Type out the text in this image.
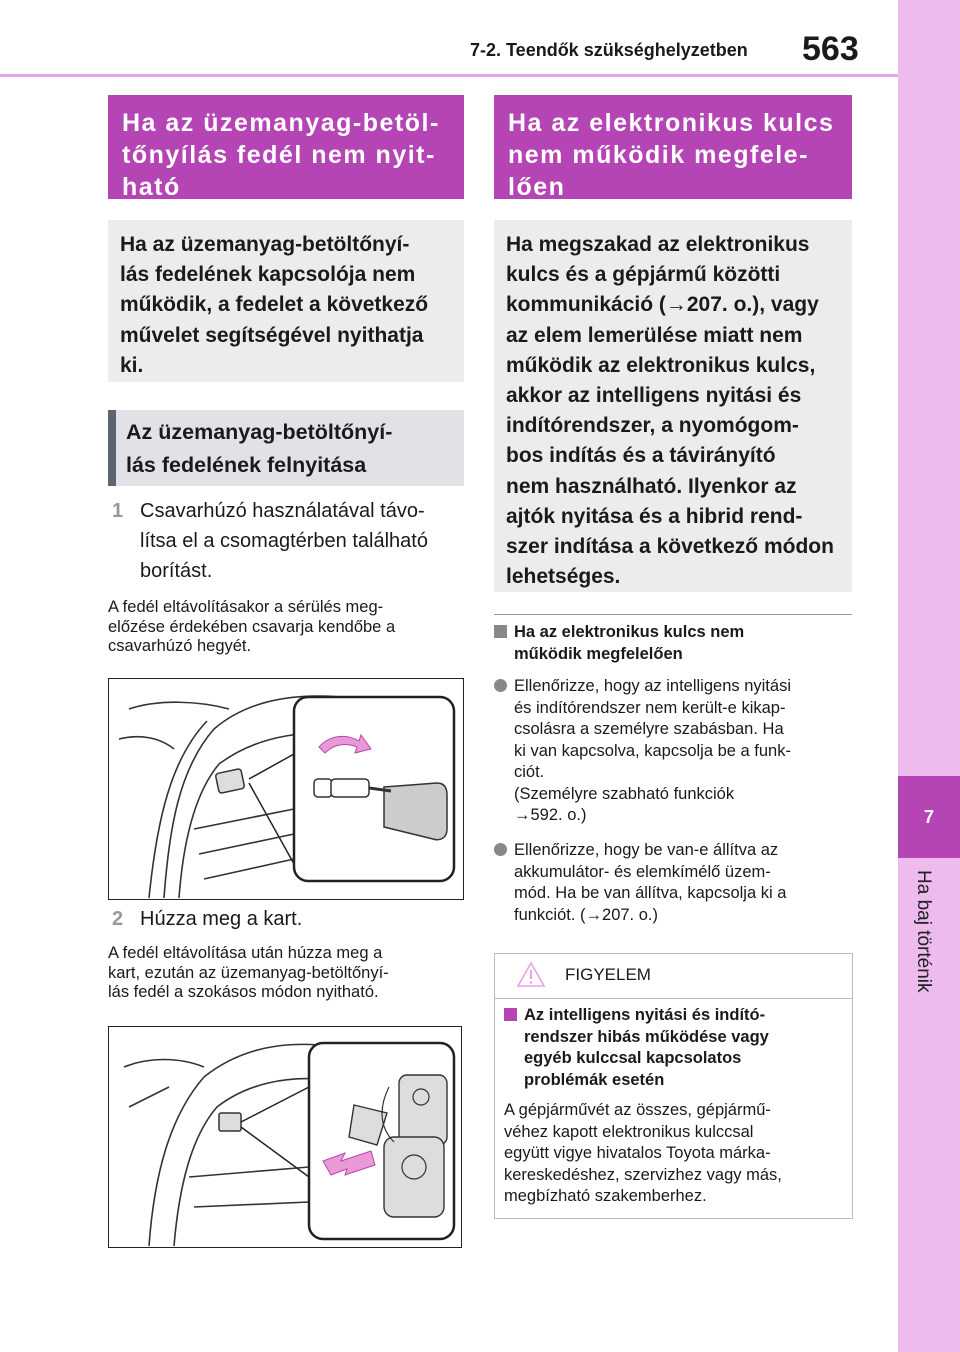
7-2. Teendők szükséghelyzetben 563
7
Ha baj történik
Ha az üzemanyag-betöl-
tőnyílás fedél nem nyit-
ható
Ha az üzemanyag-betöltőnyí-
lás fedelének kapcsolója nem
működik, a fedelet a következő
művelet segítségével nyithatja
ki.
Az üzemanyag-betöltőnyí-
lás fedelének felnyitása
1 Csavarhúzó használatával távo-
lítsa el a csomagtérben található
borítást.
A fedél eltávolításakor a sérülés meg-
előzése érdekében csavarja kendőbe a
csavarhúzó hegyét.
2 Húzza meg a kart.
A fedél eltávolítása után húzza meg a
kart, ezután az üzemanyag-betöltőnyí-
lás fedél a szokásos módon nyitható.
Ha az elektronikus kulcs
nem működik megfele-
lően
Ha megszakad az elektronikus
kulcs és a gépjármű közötti
kommunikáció (→207. o.), vagy
az elem lemerülése miatt nem
működik az elektronikus kulcs,
akkor az intelligens nyitási és
indítórendszer, a nyomógom-
bos indítás és a távirányító
nem használható. Ilyenkor az
ajtók nyitása és a hibrid rend-
szer indítása a következő módon
lehetséges.
Ha az elektronikus kulcs nem
működik megfelelően
Ellenőrizze, hogy az intelligens nyitási
és indítórendszer nem került-e kikap-
csolásra a személyre szabásban. Ha
ki van kapcsolva, kapcsolja be a funk-
ciót.
(Személyre szabható funkciók
→592. o.)
Ellenőrizze, hogy be van-e állítva az
akkumulátor- és elemkímélő üzem-
mód. Ha be van állítva, kapcsolja ki a
funkciót. (→207. o.)
FIGYELEM
Az intelligens nyitási és indító-
rendszer hibás működése vagy
egyéb kulccsal kapcsolatos
problémák esetén
A gépjárművét az összes, gépjármű-
véhez kapott elektronikus kulccsal
együtt vigye hivatalos Toyota márka-
kereskedéshez, szervizhez vagy más,
megbízható szakemberhez.
